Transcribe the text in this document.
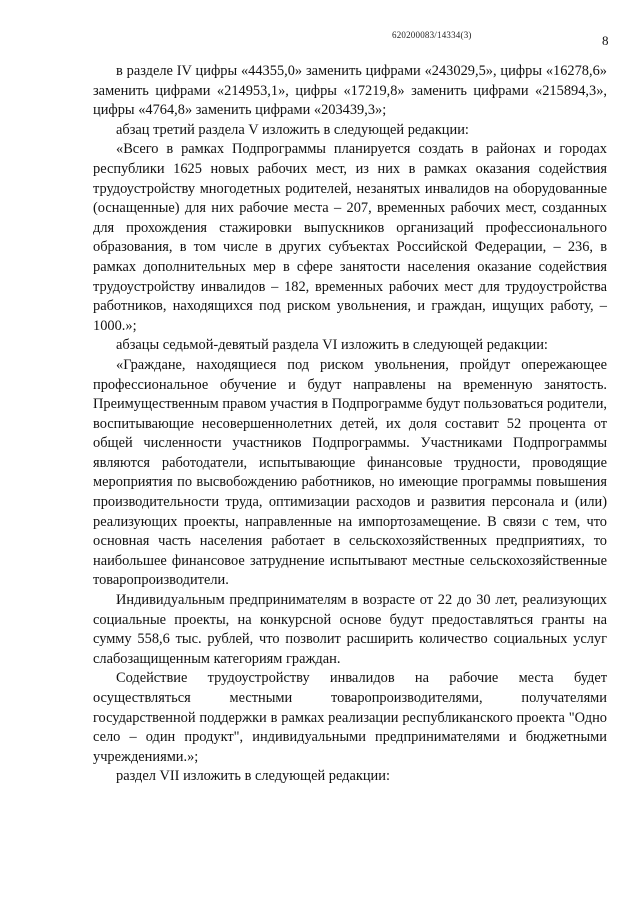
620200083/14334(3)	8

в разделе IV цифры «44355,0» заменить цифрами «243029,5», цифры «16278,6» заменить цифрами «214953,1», цифры «17219,8» заменить цифрами «215894,3», цифры «4764,8» заменить цифрами «203439,3»;

абзац третий раздела V изложить в следующей редакции:

«Всего в рамках Подпрограммы планируется создать в районах и городах республики 1625 новых рабочих мест, из них в рамках оказания содействия трудоустройству многодетных родителей, незанятых инвалидов на оборудованные (оснащенные) для них рабочие места – 207, временных рабочих мест, созданных для прохождения стажировки выпускников организаций профессионального образования, в том числе в других субъектах Российской Федерации, – 236, в рамках дополнительных мер в сфере занятости населения оказание содействия трудоустройству инвалидов – 182, временных рабочих мест для трудоустройства работников, находящихся под риском увольнения, и граждан, ищущих работу, – 1000.»;

абзацы седьмой-девятый раздела VI изложить в следующей редакции:

«Граждане, находящиеся под риском увольнения, пройдут опережающее профессиональное обучение и будут направлены на временную занятость. Преимущественным правом участия в Подпрограмме будут пользоваться родители, воспитывающие несовершеннолетних детей, их доля составит 52 процента от общей численности участников Подпрограммы. Участниками Подпрограммы являются работодатели, испытывающие финансовые трудности, проводящие мероприятия по высвобождению работников, но имеющие программы повышения производительности труда, оптимизации расходов и развития персонала и (или) реализующих проекты, направленные на импортозамещение. В связи с тем, что основная часть населения работает в сельскохозяйственных предприятиях, то наибольшее финансовое затруднение испытывают местные сельскохозяйственные товаропроизводители.

Индивидуальным предпринимателям в возрасте от 22 до 30 лет, реализующих социальные проекты, на конкурсной основе будут предоставляться гранты на сумму 558,6 тыс. рублей, что позволит расширить количество социальных услуг слабозащищенным категориям граждан.

Содействие трудоустройству инвалидов на рабочие места будет осуществляться местными товаропроизводителями, получателями государственной поддержки в рамках реализации республиканского проекта "Одно село – один продукт", индивидуальными предпринимателями и бюджетными учреждениями.»;

раздел VII изложить в следующей редакции:
